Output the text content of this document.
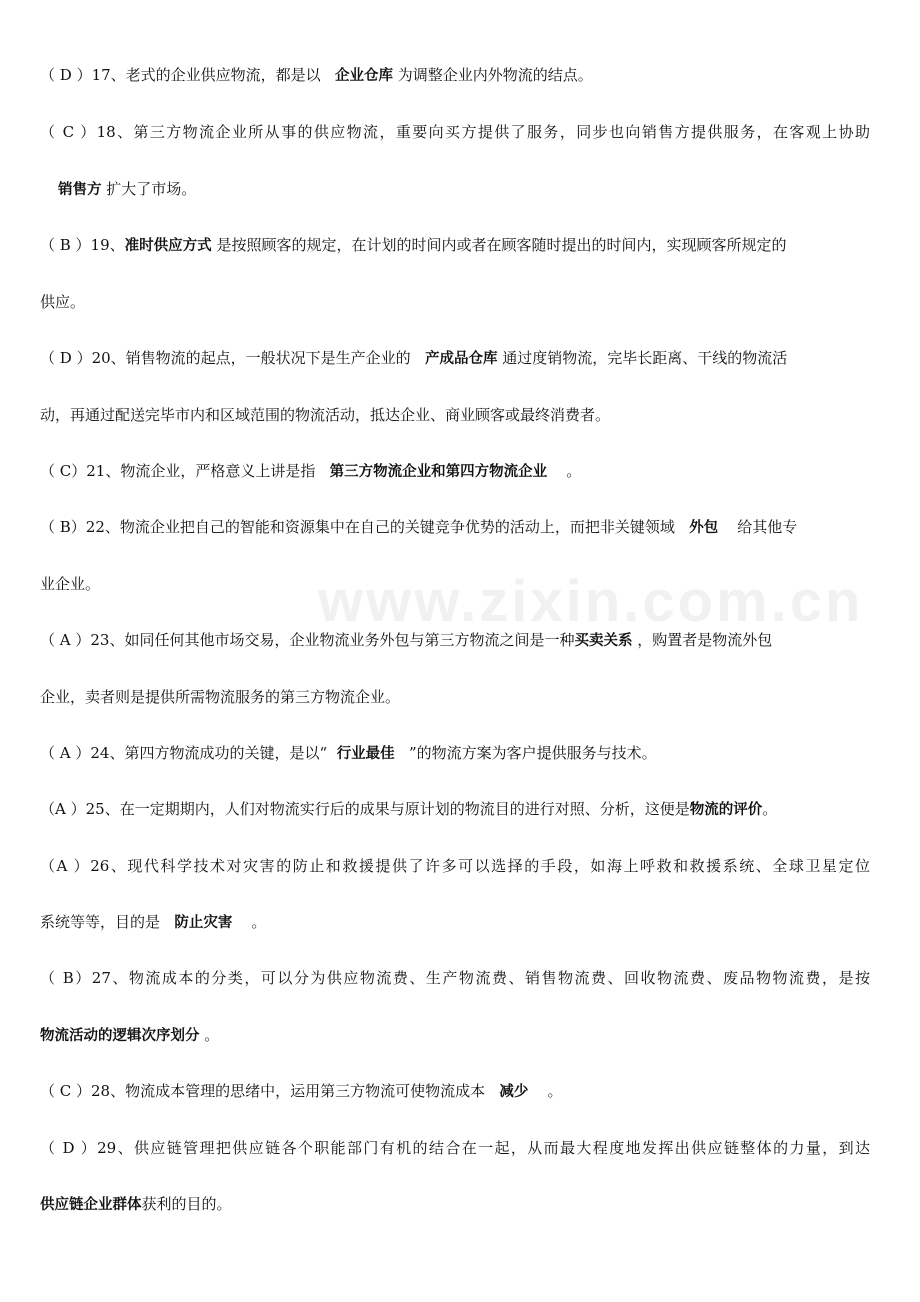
www.zixin.com.cn
（ D ）17、老式的企业供应物流，都是以 企业仓库 为调整企业内外物流的结点。
（ C ）18、第三方物流企业所从事的供应物流，重要向买方提供了服务，同步也向销售方提供服务，在客观上协助
销售方 扩大了市场。
（ B ）19、准时供应方式 是按照顾客的规定，在计划的时间内或者在顾客随时提出的时间内，实现顾客所规定的
供应。
（ D ）20、销售物流的起点，一般状况下是生产企业的 产成品仓库 通过度销物流，完毕长距离、干线的物流活
动，再通过配送完毕市内和区域范围的物流活动，抵达企业、商业顾客或最终消费者。
（ C）21、物流企业，严格意义上讲是指 第三方物流企业和第四方物流企业 。
（ B）22、物流企业把自己的智能和资源集中在自己的关键竞争优势的活动上，而把非关键领域 外包 给其他专
业企业。
（ A ）23、如同任何其他市场交易，企业物流业务外包与第三方物流之间是一种买卖关系 ，购置者是物流外包
企业，卖者则是提供所需物流服务的第三方物流企业。
（ A ）24、第四方物流成功的关键，是以“ 行业最佳 ”的物流方案为客户提供服务与技术。
（A ）25、在一定期期内，人们对物流实行后的成果与原计划的物流目的进行对照、分析，这便是物流的评价。
（A ）26、现代科学技术对灾害的防止和救援提供了许多可以选择的手段，如海上呼救和救援系统、全球卫星定位
系统等等，目的是 防止灾害 。
（ B）27、物流成本的分类，可以分为供应物流费、生产物流费、销售物流费、回收物流费、废品物物流费，是按
物流活动的逻辑次序划分 。
（ C ）28、物流成本管理的思绪中，运用第三方物流可使物流成本 减少 。
（ D ）29、供应链管理把供应链各个职能部门有机的结合在一起，从而最大程度地发挥出供应链整体的力量，到达
供应链企业群体获利的目的。
